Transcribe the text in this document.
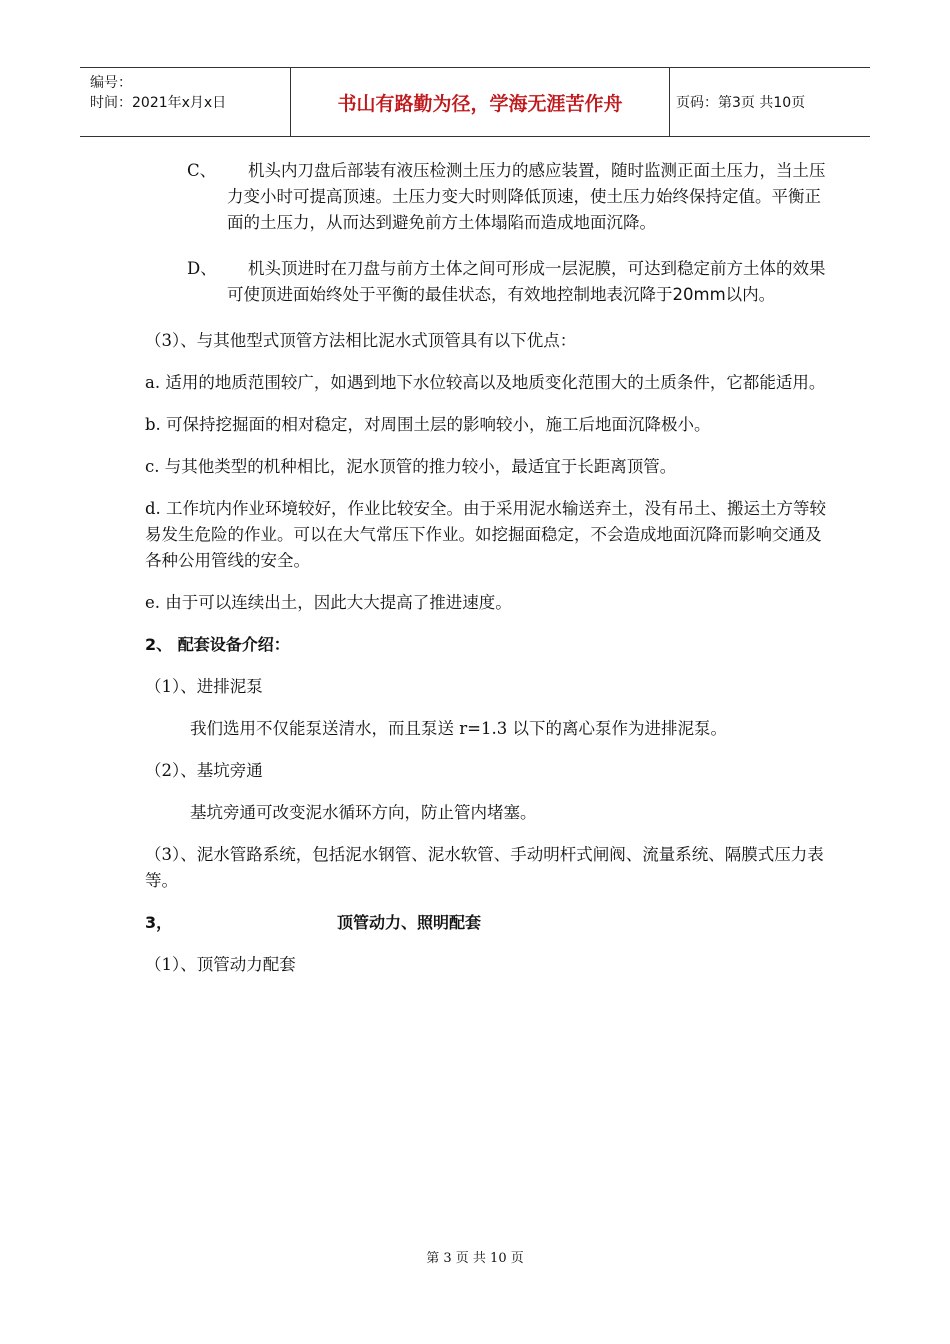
编号：
时间：2021年x月x日	书山有路勤为径，学海无涯苦作舟	页码：第3页 共10页
C、	机头内刀盘后部装有液压检测土压力的感应装置，随时监测正面土压力，当土压力变小时可提高顶速。土压力变大时则降低顶速，使土压力始终保持定值。平衡正面的土压力，从而达到避免前方土体塌陷而造成地面沉降。
D、	机头顶进时在刀盘与前方土体之间可形成一层泥膜，可达到稳定前方土体的效果可使顶进面始终处于平衡的最佳状态，有效地控制地表沉降于20mm以内。

（3）、与其他型式顶管方法相比泥水式顶管具有以下优点：

a. 适用的地质范围较广，如遇到地下水位较高以及地质变化范围大的土质条件，它都能适用。

b. 可保持挖掘面的相对稳定，对周围土层的影响较小，施工后地面沉降极小。

c. 与其他类型的机种相比，泥水顶管的推力较小，最适宜于长距离顶管。

d. 工作坑内作业环境较好，作业比较安全。由于采用泥水输送弃土，没有吊土、搬运土方等较易发生危险的作业。可以在大气常压下作业。如挖掘面稳定，不会造成地面沉降而影响交通及各种公用管线的安全。

e. 由于可以连续出土，因此大大提高了推进速度。

2、 配套设备介绍：

（1）、进排泥泵

我们选用不仅能泵送清水，而且泵送 r=1.3 以下的离心泵作为进排泥泵。

（2）、基坑旁通

基坑旁通可改变泥水循环方向，防止管内堵塞。

（3）、泥水管路系统，包括泥水钢管、泥水软管、手动明杆式闸阀、流量系统、隔膜式压力表等。

3，	顶管动力、照明配套

（1）、顶管动力配套

第 3 页 共 10 页
